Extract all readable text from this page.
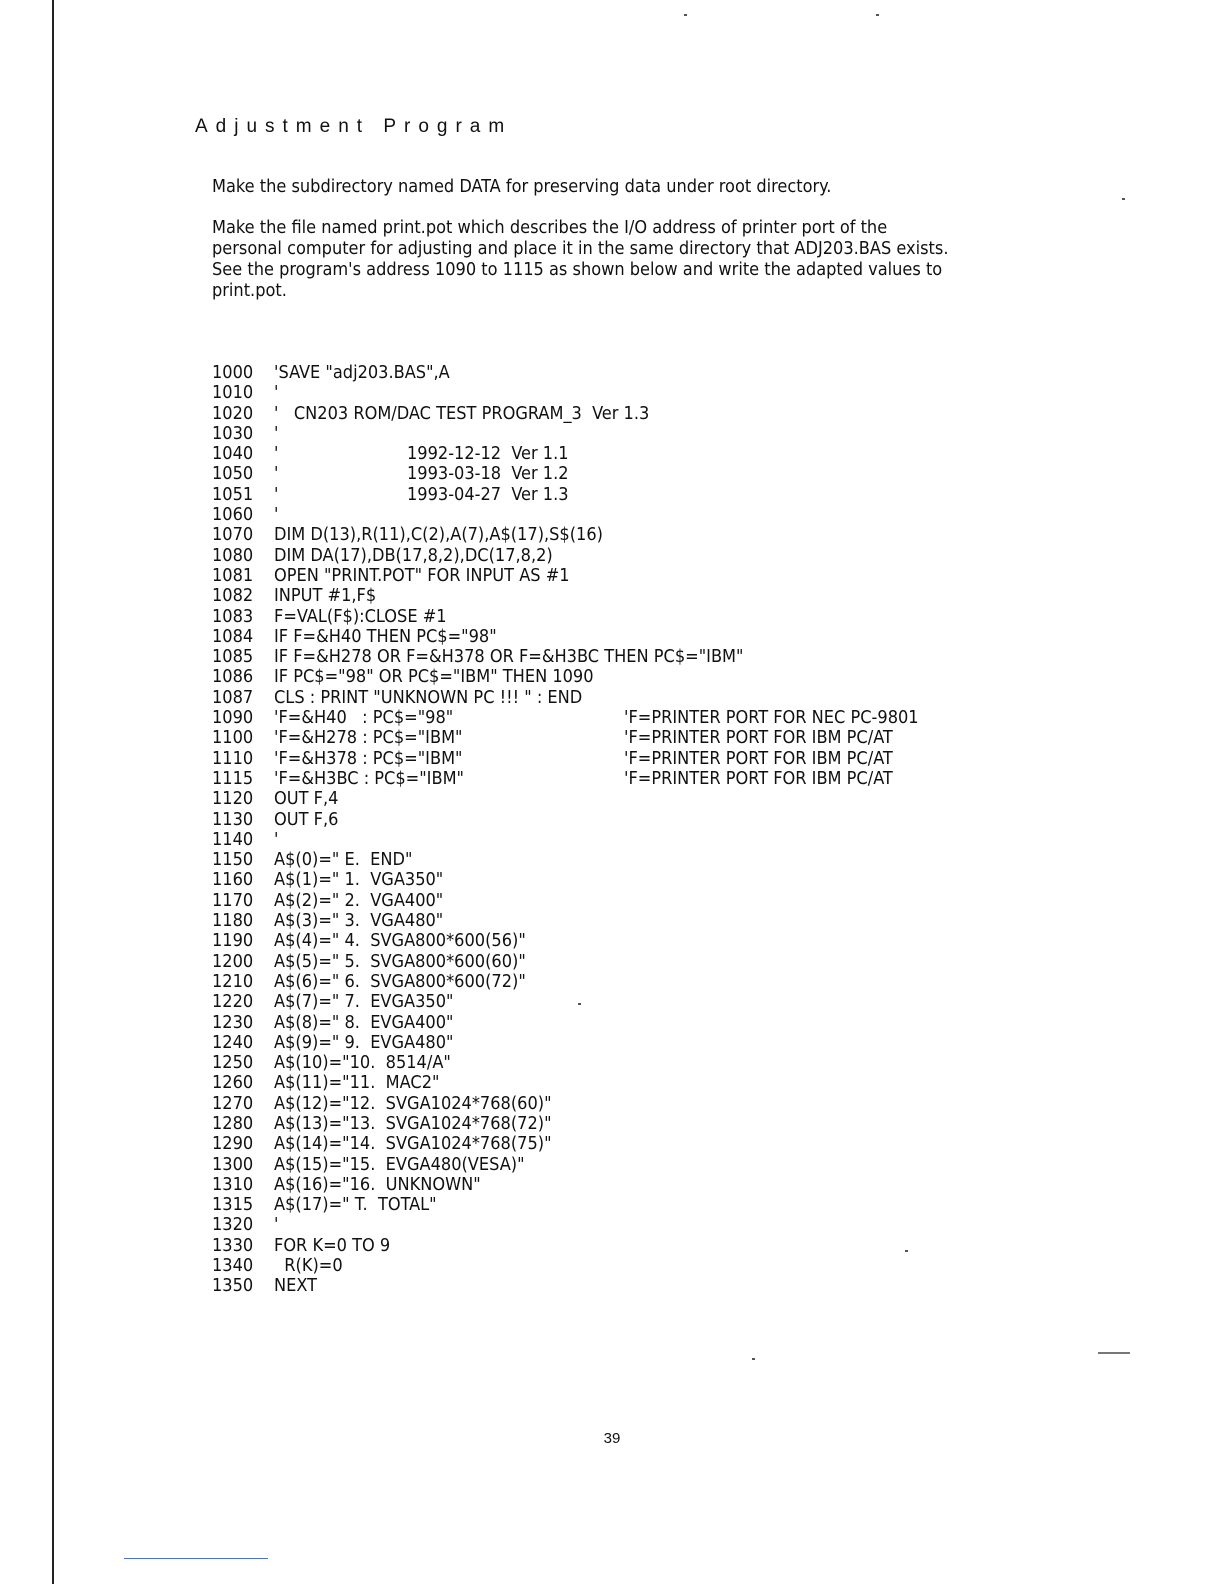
Adjustment Program

Make the subdirectory named DATA for preserving data under root directory.

Make the file named print.pot which describes the I/O address of printer port of the
personal computer for adjusting and place it in the same directory that ADJ203.BAS exists.
See the program's address 1090 to 1115 as shown below and write the adapted values to
print.pot.

1000 'SAVE "adj203.BAS",A
1010 '
1020 '   CN203 ROM/DAC TEST PROGRAM_3  Ver 1.3
1030 '
1040 '                         1992-12-12  Ver 1.1
1050 '                         1993-03-18  Ver 1.2
1051 '                         1993-04-27  Ver 1.3
1060 '
1070 DIM D(13),R(11),C(2),A(7),A$(17),S$(16)
1080 DIM DA(17),DB(17,8,2),DC(17,8,2)
1081 OPEN "PRINT.POT" FOR INPUT AS #1
1082 INPUT #1,F$
1083 F=VAL(F$):CLOSE #1
1084 IF F=&H40 THEN PC$="98"
1085 IF F=&H278 OR F=&H378 OR F=&H3BC THEN PC$="IBM"
1086 IF PC$="98" OR PC$="IBM" THEN 1090
1087 CLS : PRINT "UNKNOWN PC !!! " : END
1090 'F=&H40   : PC$="98"	'F=PRINTER PORT FOR NEC PC-9801
1100 'F=&H278 : PC$="IBM"	'F=PRINTER PORT FOR IBM PC/AT
1110 'F=&H378 : PC$="IBM"	'F=PRINTER PORT FOR IBM PC/AT
1115 'F=&H3BC : PC$="IBM"	'F=PRINTER PORT FOR IBM PC/AT
1120 OUT F,4
1130 OUT F,6
1140 '
1150 A$(0)=" E.  END"
1160 A$(1)=" 1.  VGA350"
1170 A$(2)=" 2.  VGA400"
1180 A$(3)=" 3.  VGA480"
1190 A$(4)=" 4.  SVGA800*600(56)"
1200 A$(5)=" 5.  SVGA800*600(60)"
1210 A$(6)=" 6.  SVGA800*600(72)"
1220 A$(7)=" 7.  EVGA350"
1230 A$(8)=" 8.  EVGA400"
1240 A$(9)=" 9.  EVGA480"
1250 A$(10)="10.  8514/A"
1260 A$(11)="11.  MAC2"
1270 A$(12)="12.  SVGA1024*768(60)"
1280 A$(13)="13.  SVGA1024*768(72)"
1290 A$(14)="14.  SVGA1024*768(75)"
1300 A$(15)="15.  EVGA480(VESA)"
1310 A$(16)="16.  UNKNOWN"
1315 A$(17)=" T.  TOTAL"
1320 '
1330 FOR K=0 TO 9
1340 R(K)=0
1350 NEXT
39
